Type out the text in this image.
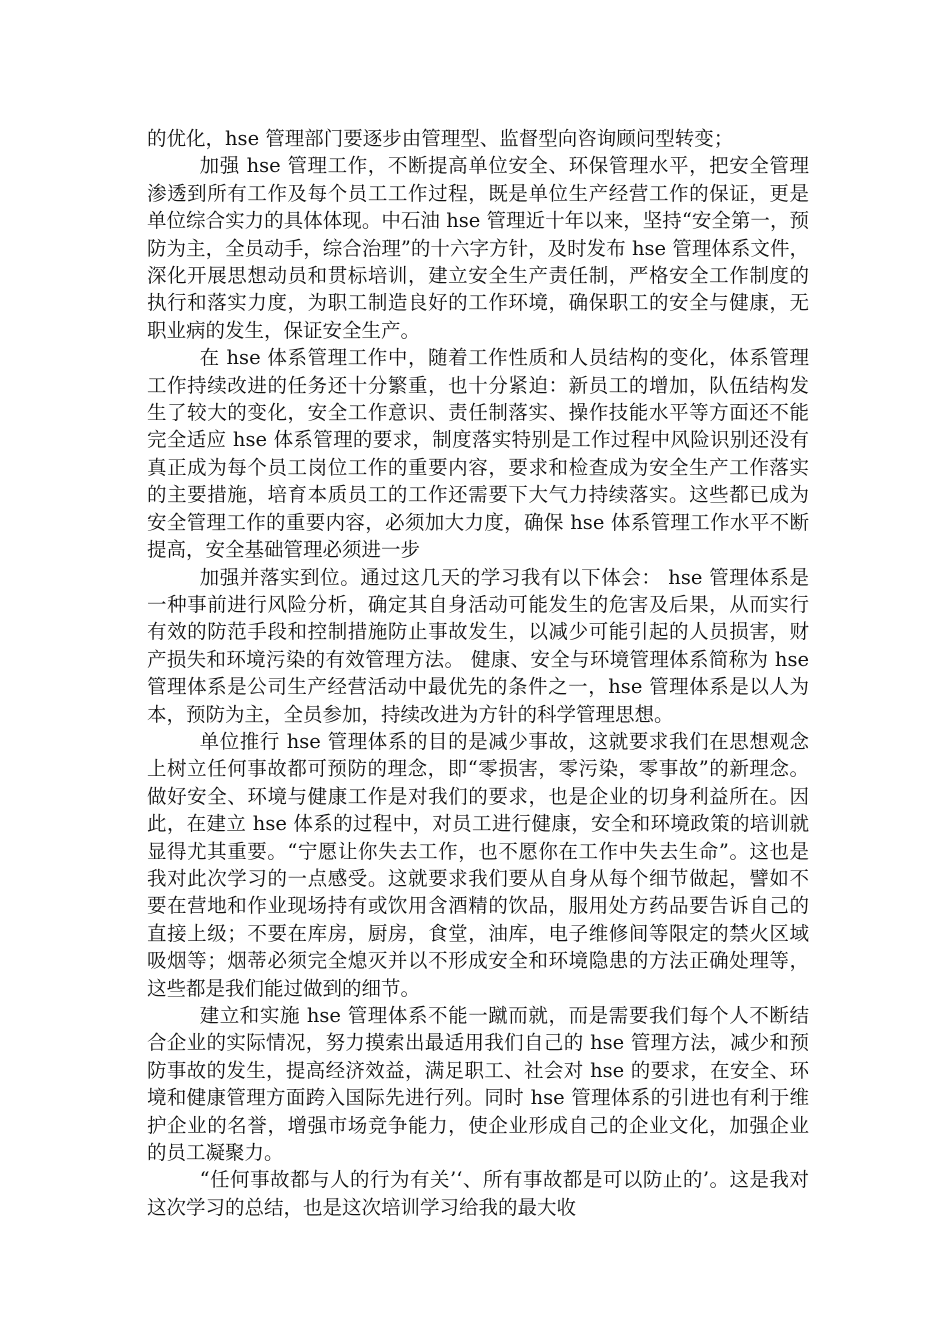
的优化，hse 管理部门要逐步由管理型、监督型向咨询顾问型转变；

加强 hse 管理工作，不断提高单位安全、环保管理水平，把安全管理渗透到所有工作及每个员工工作过程，既是单位生产经营工作的保证，更是单位综合实力的具体体现。中石油 hse 管理近十年以来，坚持“安全第一，预防为主，全员动手，综合治理”的十六字方针，及时发布 hse 管理体系文件，深化开展思想动员和贯标培训，建立安全生产责任制，严格安全工作制度的执行和落实力度，为职工制造良好的工作环境，确保职工的安全与健康，无职业病的发生，保证安全生产。

在 hse 体系管理工作中，随着工作性质和人员结构的变化，体系管理工作持续改进的任务还十分繁重，也十分紧迫：新员工的增加，队伍结构发生了较大的变化，安全工作意识、责任制落实、操作技能水平等方面还不能完全适应 hse 体系管理的要求，制度落实特别是工作过程中风险识别还没有真正成为每个员工岗位工作的重要内容，要求和检查成为安全生产工作落实的主要措施，培育本质员工的工作还需要下大气力持续落实。这些都已成为安全管理工作的重要内容，必须加大力度，确保 hse 体系管理工作水平不断提高，安全基础管理必须进一步

加强并落实到位。通过这几天的学习我有以下体会： hse 管理体系是一种事前进行风险分析，确定其自身活动可能发生的危害及后果，从而实行有效的防范手段和控制措施防止事故发生，以减少可能引起的人员损害，财产损失和环境污染的有效管理方法。 健康、安全与环境管理体系简称为 hse 管理体系是公司生产经营活动中最优先的条件之一，hse 管理体系是以人为本，预防为主，全员参加，持续改进为方针的科学管理思想。

单位推行 hse 管理体系的目的是减少事故，这就要求我们在思想观念上树立任何事故都可预防的理念，即“零损害，零污染，零事故”的新理念。做好安全、环境与健康工作是对我们的要求，也是企业的切身利益所在。因此，在建立 hse 体系的过程中，对员工进行健康，安全和环境政策的培训就显得尤其重要。“宁愿让你失去工作，也不愿你在工作中失去生命”。这也是我对此次学习的一点感受。这就要求我们要从自身从每个细节做起，譬如不要在营地和作业现场持有或饮用含酒精的饮品，服用处方药品要告诉自己的直接上级；不要在库房，厨房，食堂，油库，电子维修间等限定的禁火区域吸烟等；烟蒂必须完全熄灭并以不形成安全和环境隐患的方法正确处理等，这些都是我们能过做到的细节。

建立和实施 hse 管理体系不能一蹴而就，而是需要我们每个人不断结合企业的实际情况，努力摸索出最适用我们自己的 hse 管理方法，减少和预防事故的发生，提高经济效益，满足职工、社会对 hse 的要求，在安全、环境和健康管理方面跨入国际先进行列。同时 hse 管理体系的引进也有利于维护企业的名誉，增强市场竞争能力，使企业形成自己的企业文化，加强企业的员工凝聚力。

“任何事故都与人的行为有关’‘、所有事故都是可以防止的’。这是我对这次学习的总结，也是这次培训学习给我的最大收
